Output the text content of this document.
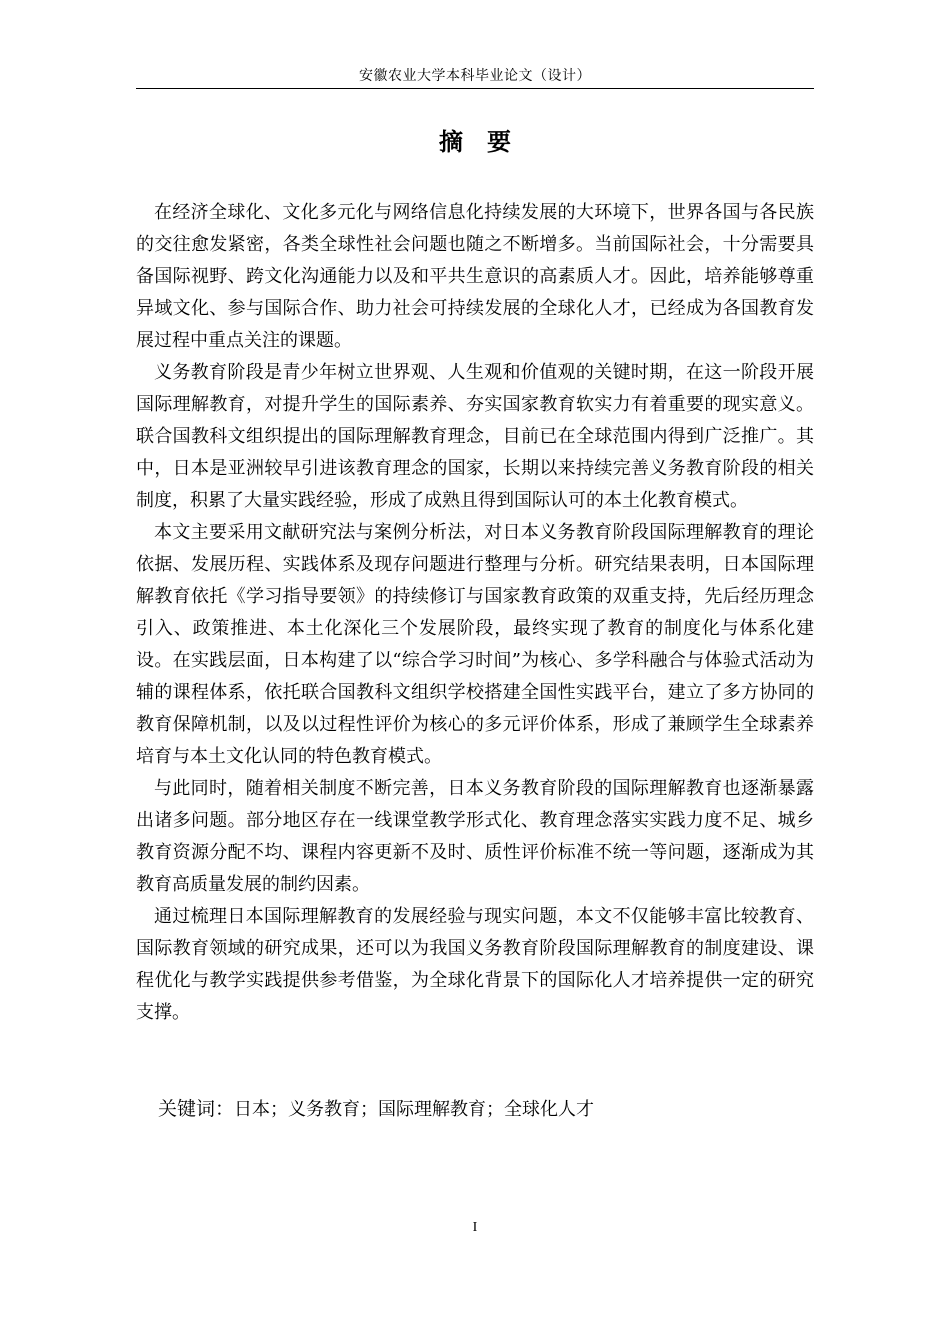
安徽农业大学本科毕业论文（设计）
摘要

在经济全球化、文化多元化与网络信息化持续发展的大环境下，世界各国与各民族的交往愈发紧密，各类全球性社会问题也随之不断增多。当前国际社会，十分需要具备国际视野、跨文化沟通能力以及和平共生意识的高素质人才。因此，培养能够尊重异域文化、参与国际合作、助力社会可持续发展的全球化人才，已经成为各国教育发展过程中重点关注的课题。

义务教育阶段是青少年树立世界观、人生观和价值观的关键时期，在这一阶段开展国际理解教育，对提升学生的国际素养、夯实国家教育软实力有着重要的现实意义。联合国教科文组织提出的国际理解教育理念，目前已在全球范围内得到广泛推广。其中，日本是亚洲较早引进该教育理念的国家，长期以来持续完善义务教育阶段的相关制度，积累了大量实践经验，形成了成熟且得到国际认可的本土化教育模式。

本文主要采用文献研究法与案例分析法，对日本义务教育阶段国际理解教育的理论依据、发展历程、实践体系及现存问题进行整理与分析。研究结果表明，日本国际理解教育依托《学习指导要领》的持续修订与国家教育政策的双重支持，先后经历理念引入、政策推进、本土化深化三个发展阶段，最终实现了教育的制度化与体系化建设。在实践层面，日本构建了以“综合学习时间”为核心、多学科融合与体验式活动为辅的课程体系，依托联合国教科文组织学校搭建全国性实践平台，建立了多方协同的教育保障机制，以及以过程性评价为核心的多元评价体系，形成了兼顾学生全球素养培育与本土文化认同的特色教育模式。

与此同时，随着相关制度不断完善，日本义务教育阶段的国际理解教育也逐渐暴露出诸多问题。部分地区存在一线课堂教学形式化、教育理念落实实践力度不足、城乡教育资源分配不均、课程内容更新不及时、质性评价标准不统一等问题，逐渐成为其教育高质量发展的制约因素。

通过梳理日本国际理解教育的发展经验与现实问题，本文不仅能够丰富比较教育、国际教育领域的研究成果，还可以为我国义务教育阶段国际理解教育的制度建设、课程优化与教学实践提供参考借鉴，为全球化背景下的国际化人才培养提供一定的研究支撑。

关键词：日本；义务教育；国际理解教育；全球化人才
I
